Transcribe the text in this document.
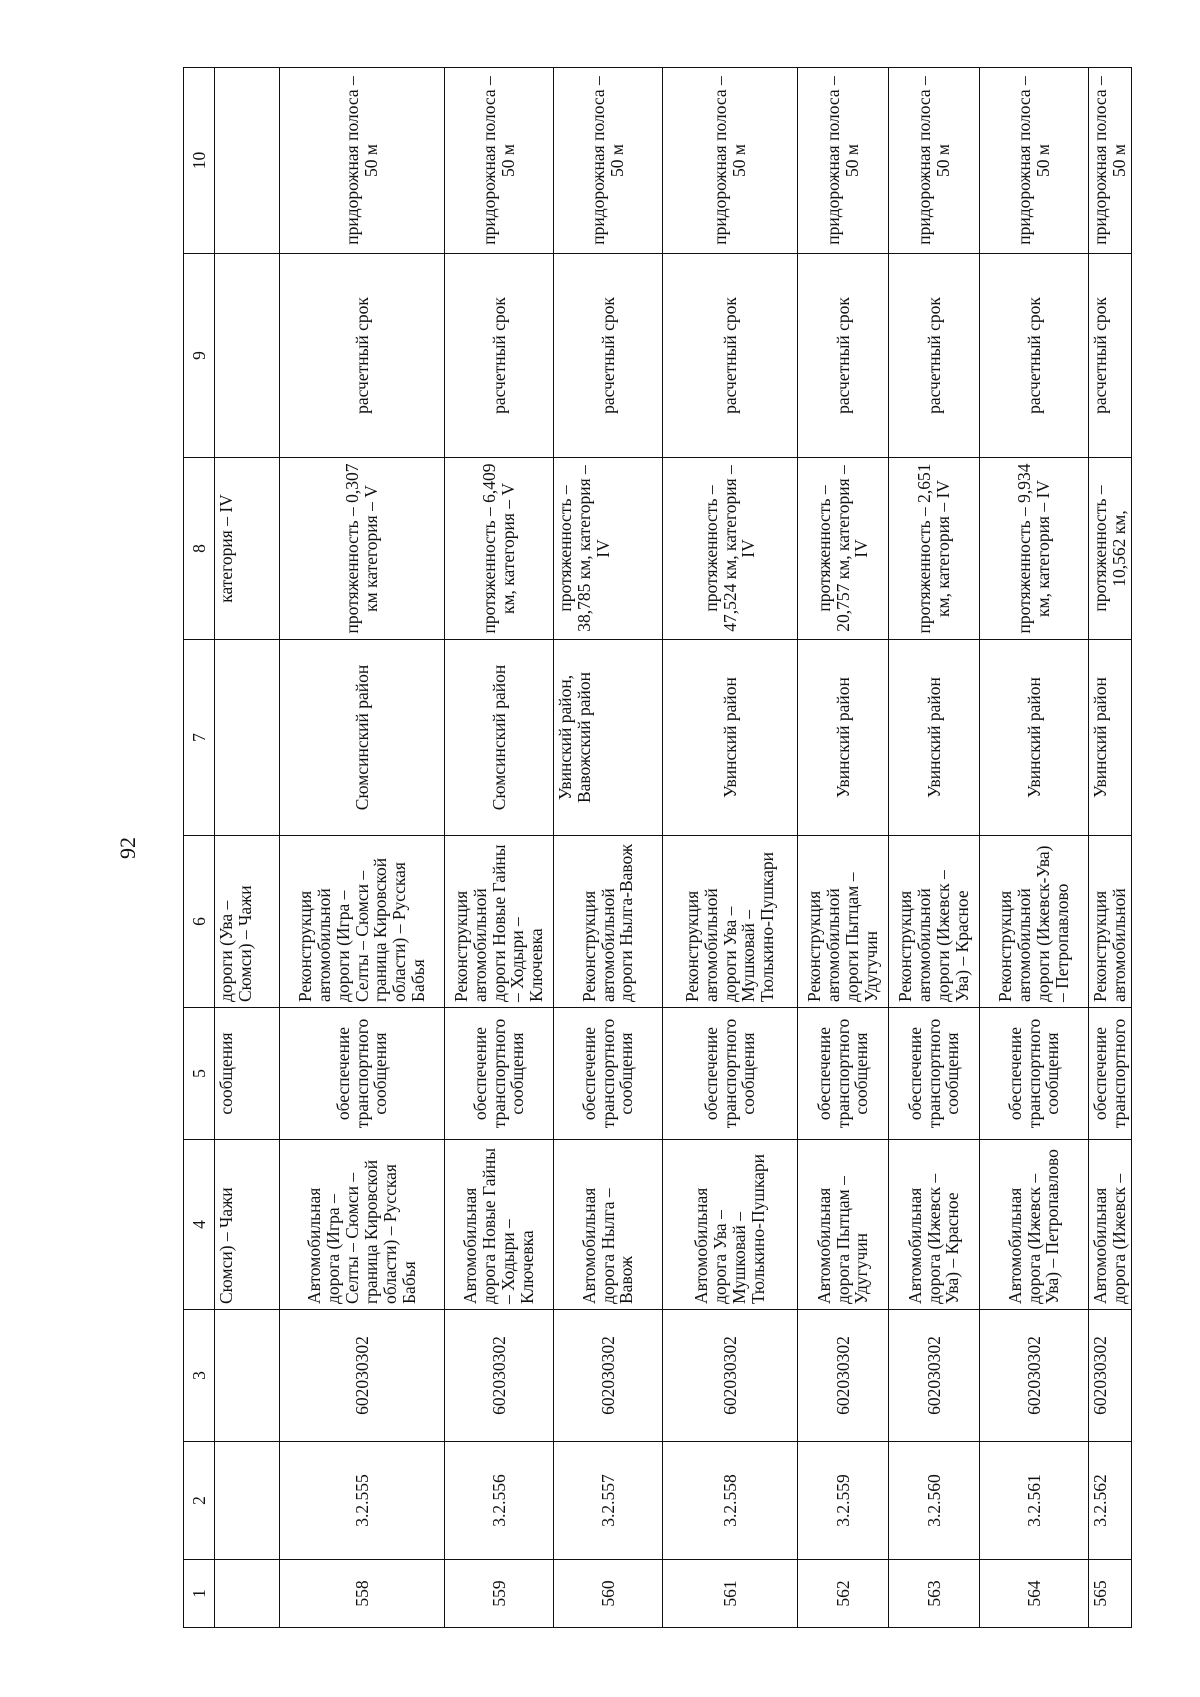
92
1	2	3	4	5	6	7	8	9	10
			Сюмси) – Чажи	сообщения	дороги (Ува – Сюмси) – Чажи		категория – IV		
558	3.2.555	602030302	Автомобильная дорога (Игра – Селты – Сюмси – граница Кировской области) – Русская Бабья	обеспечение транспортного сообщения	Реконструкция автомобильной дороги (Игра – Селты – Сюмси – граница Кировской области) – Русская Бабья	Сюмсинский район	протяженность – 0,307 км категория – V	расчетный срок	придорожная полоса – 50 м
559	3.2.556	602030302	Автомобильная дорога Новые Гайны – Ходыри – Ключевка	обеспечение транспортного сообщения	Реконструкция автомобильной дороги Новые Гайны – Ходыри – Ключевка	Сюмсинский район	протяженность – 6,409 км, категория – V	расчетный срок	придорожная полоса – 50 м
560	3.2.557	602030302	Автомобильная дорога Нылга – Вавож	обеспечение транспортного сообщения	Реконструкция автомобильной дороги Нылга-Вавож	Увинский район, Вавожский район	протяженность – 38,785 км, категория – IV	расчетный срок	придорожная полоса – 50 м
561	3.2.558	602030302	Автомобильная дорога Ува – Мушковай – Тюлькино-Пушкари	обеспечение транспортного сообщения	Реконструкция автомобильной дороги Ува – Мушковай – Тюлькино-Пушкари	Увинский район	протяженность – 47,524 км, категория – IV	расчетный срок	придорожная полоса – 50 м
562	3.2.559	602030302	Автомобильная дорога Пытцам – Удугучин	обеспечение транспортного сообщения	Реконструкция автомобильной дороги Пытцам – Удугучин	Увинский район	протяженность – 20,757 км, категория – IV	расчетный срок	придорожная полоса – 50 м
563	3.2.560	602030302	Автомобильная дорога (Ижевск – Ува) – Красное	обеспечение транспортного сообщения	Реконструкция автомобильной дороги (Ижевск – Ува) – Красное	Увинский район	протяженность – 2,651 км, категория – IV	расчетный срок	придорожная полоса – 50 м
564	3.2.561	602030302	Автомобильная дорога (Ижевск –Ува) – Петропавлово	обеспечение транспортного сообщения	Реконструкция автомобильной дороги (Ижевск-Ува) – Петропавлово	Увинский район	протяженность – 9,934 км, категория – IV	расчетный срок	придорожная полоса – 50 м
565	3.2.562	602030302	Автомобильная дорога (Ижевск –	обеспечение транспортного	Реконструкция автомобильной	Увинский район	протяженность – 10,562 км,	расчетный срок	придорожная полоса – 50 м
